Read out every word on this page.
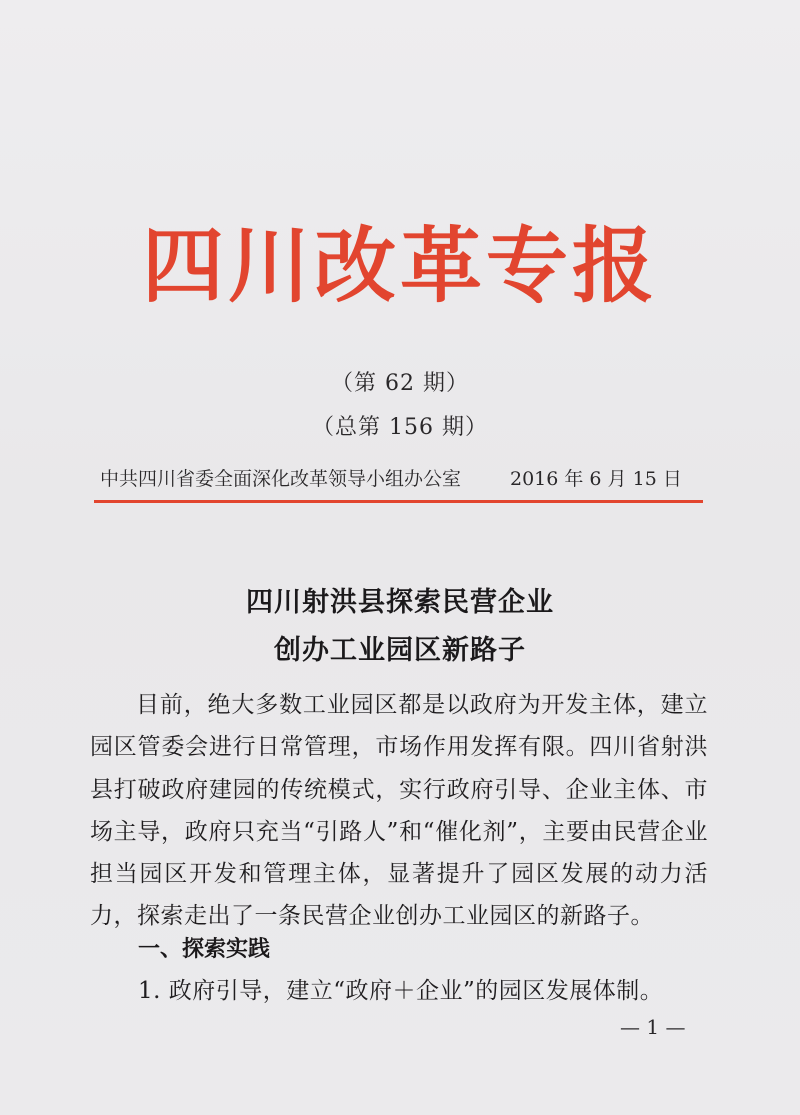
四川改革专报
（第 62 期）
（总第 156 期）
中共四川省委全面深化改革领导小组办公室	2016 年 6 月 15 日
四川射洪县探索民营企业
创办工业园区新路子
目前，绝大多数工业园区都是以政府为开发主体，建立园区管委会进行日常管理，市场作用发挥有限。四川省射洪县打破政府建园的传统模式，实行政府引导、企业主体、市场主导，政府只充当“引路人”和“催化剂”，主要由民营企业担当园区开发和管理主体，显著提升了园区发展的动力活力，探索走出了一条民营企业创办工业园区的新路子。
一、探索实践
1. 政府引导，建立“政府＋企业”的园区发展体制。
— 1 —
